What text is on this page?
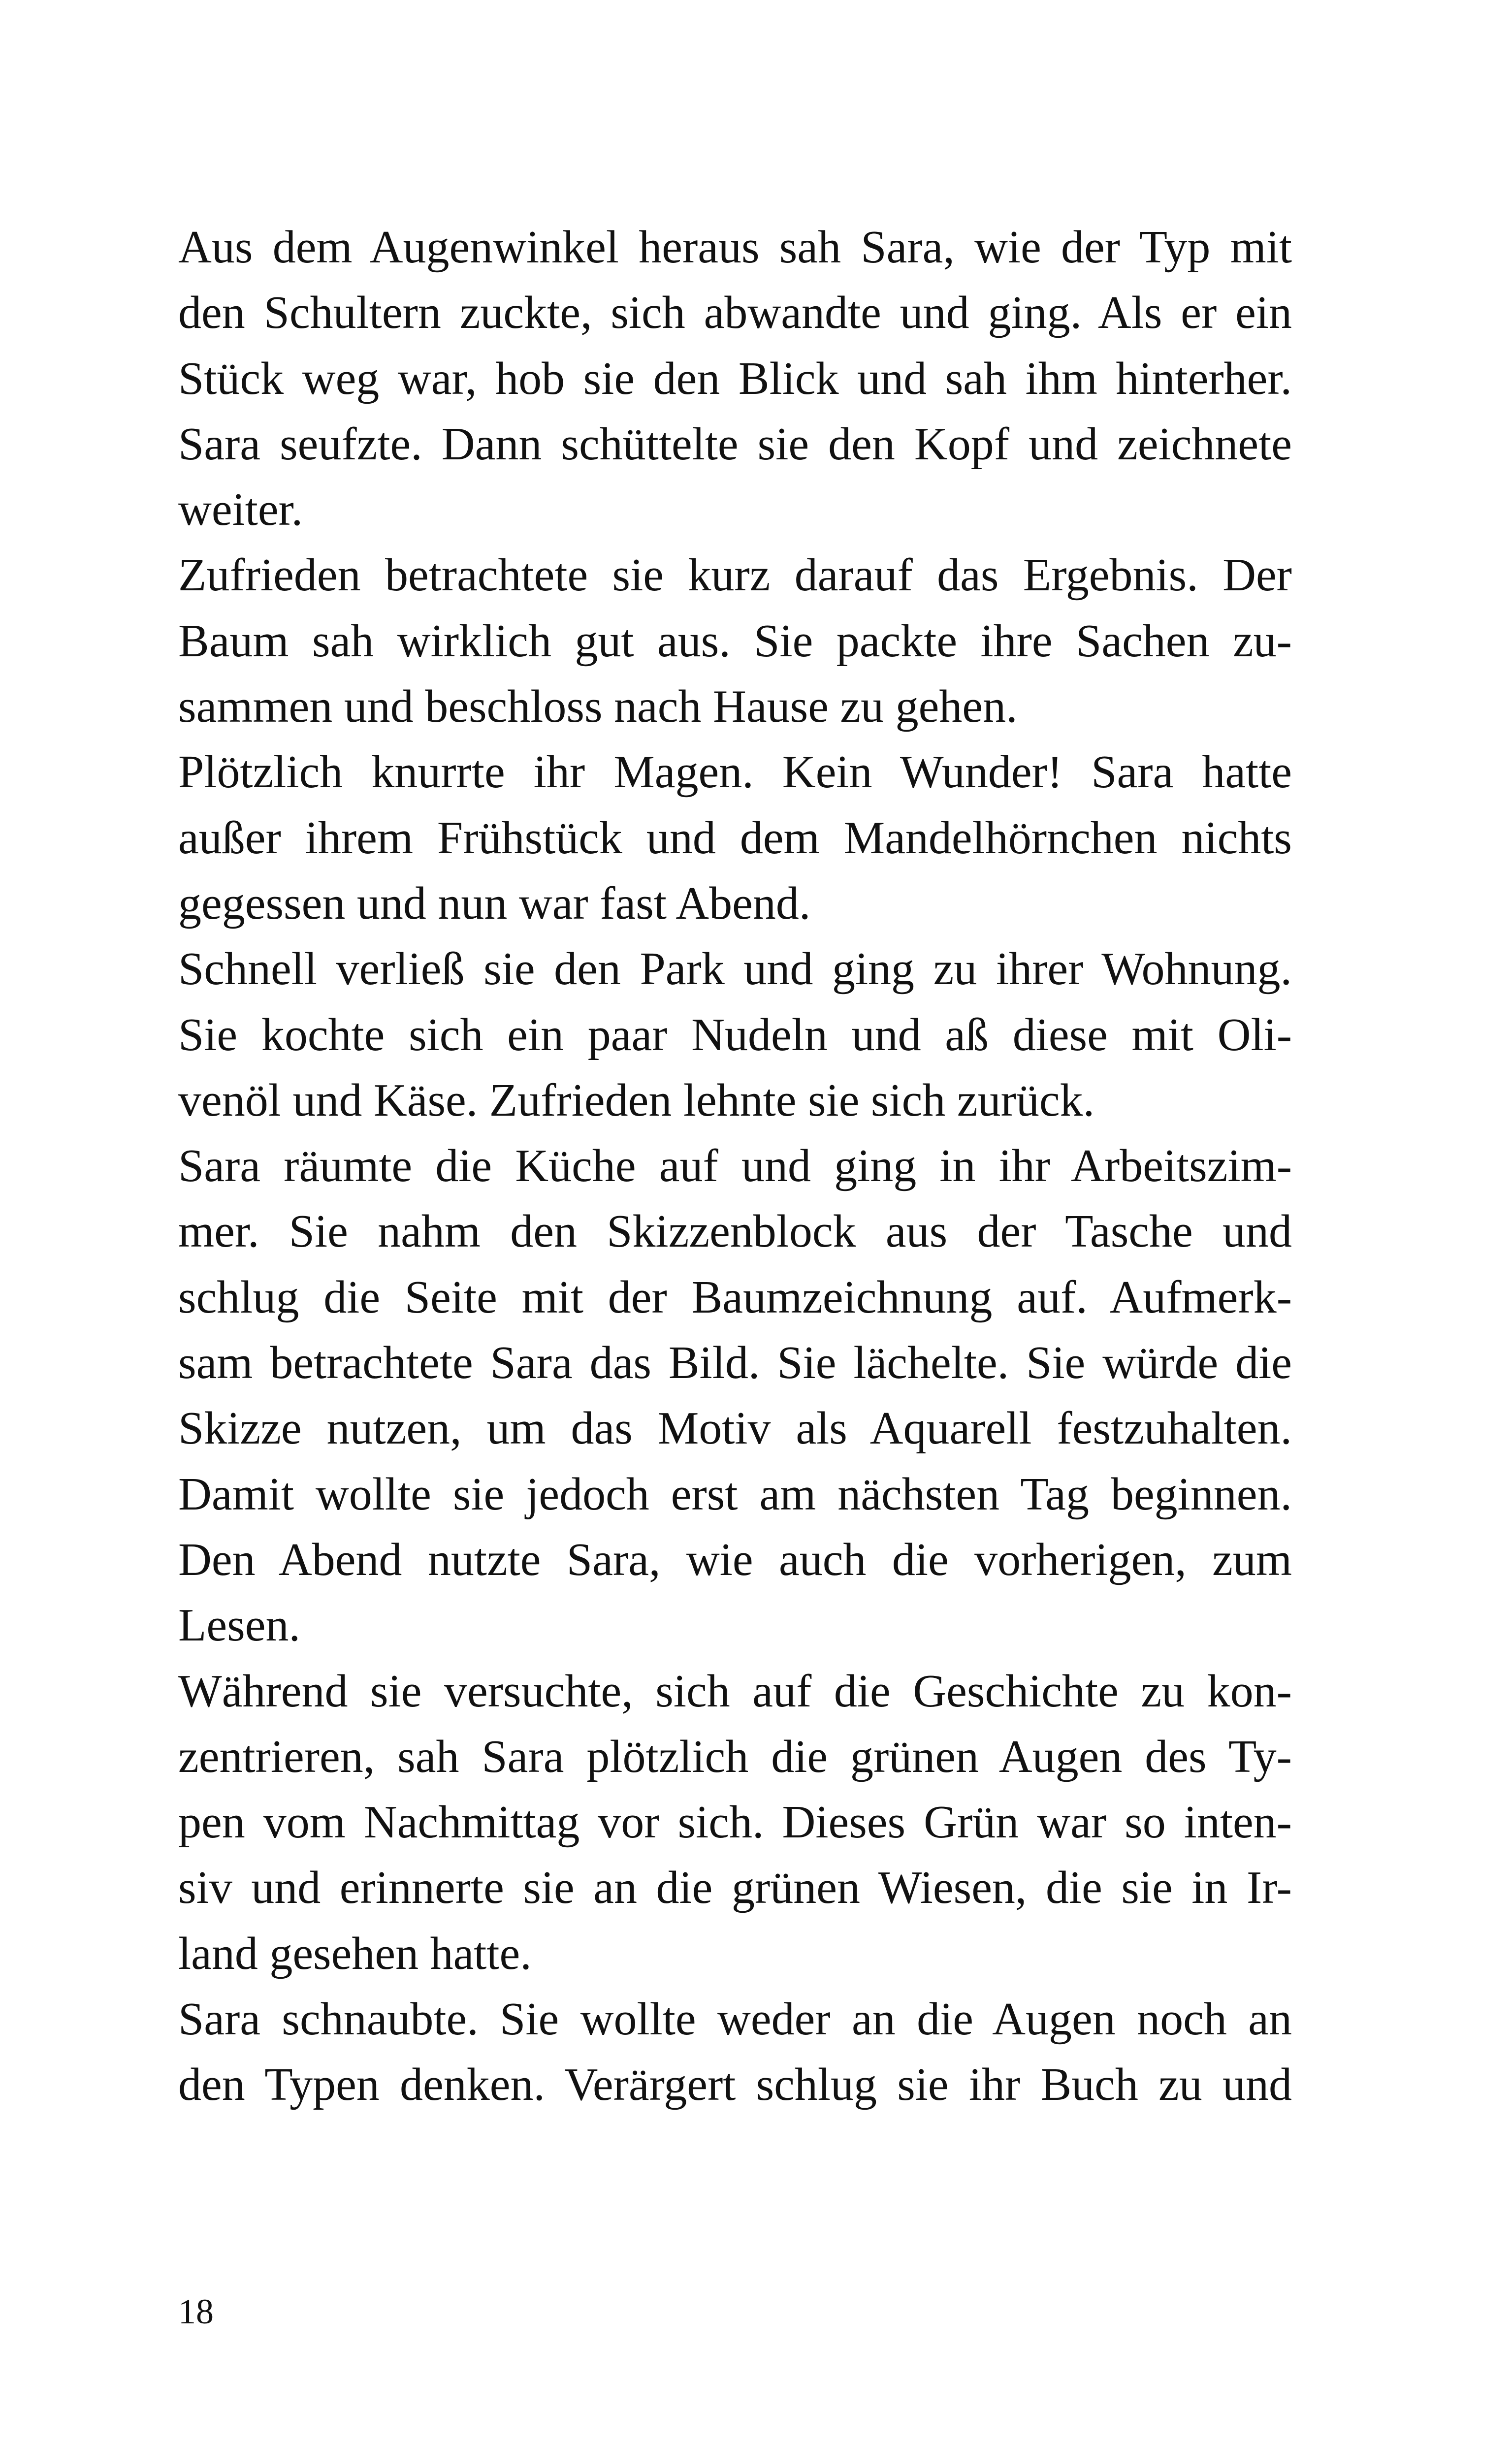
Aus dem Augenwinkel heraus sah Sara, wie der Typ mit
den Schultern zuckte, sich abwandte und ging. Als er ein
Stück weg war, hob sie den Blick und sah ihm hinterher.
Sara seufzte. Dann schüttelte sie den Kopf und zeichnete
weiter.
Zufrieden betrachtete sie kurz darauf das Ergebnis. Der
Baum sah wirklich gut aus. Sie packte ihre Sachen zu-
sammen und beschloss nach Hause zu gehen.
Plötzlich knurrte ihr Magen. Kein Wunder! Sara hatte
außer ihrem Frühstück und dem Mandelhörnchen nichts
gegessen und nun war fast Abend.
Schnell verließ sie den Park und ging zu ihrer Wohnung.
Sie kochte sich ein paar Nudeln und aß diese mit Oli-
venöl und Käse. Zufrieden lehnte sie sich zurück.
Sara räumte die Küche auf und ging in ihr Arbeitszim-
mer. Sie nahm den Skizzenblock aus der Tasche und
schlug die Seite mit der Baumzeichnung auf. Aufmerk-
sam betrachtete Sara das Bild. Sie lächelte. Sie würde die
Skizze nutzen, um das Motiv als Aquarell festzuhalten.
Damit wollte sie jedoch erst am nächsten Tag beginnen.
Den Abend nutzte Sara, wie auch die vorherigen, zum
Lesen.
Während sie versuchte, sich auf die Geschichte zu kon-
zentrieren, sah Sara plötzlich die grünen Augen des Ty-
pen vom Nachmittag vor sich. Dieses Grün war so inten-
siv und erinnerte sie an die grünen Wiesen, die sie in Ir-
land gesehen hatte.
Sara schnaubte. Sie wollte weder an die Augen noch an
den Typen denken. Verärgert schlug sie ihr Buch zu und
18
